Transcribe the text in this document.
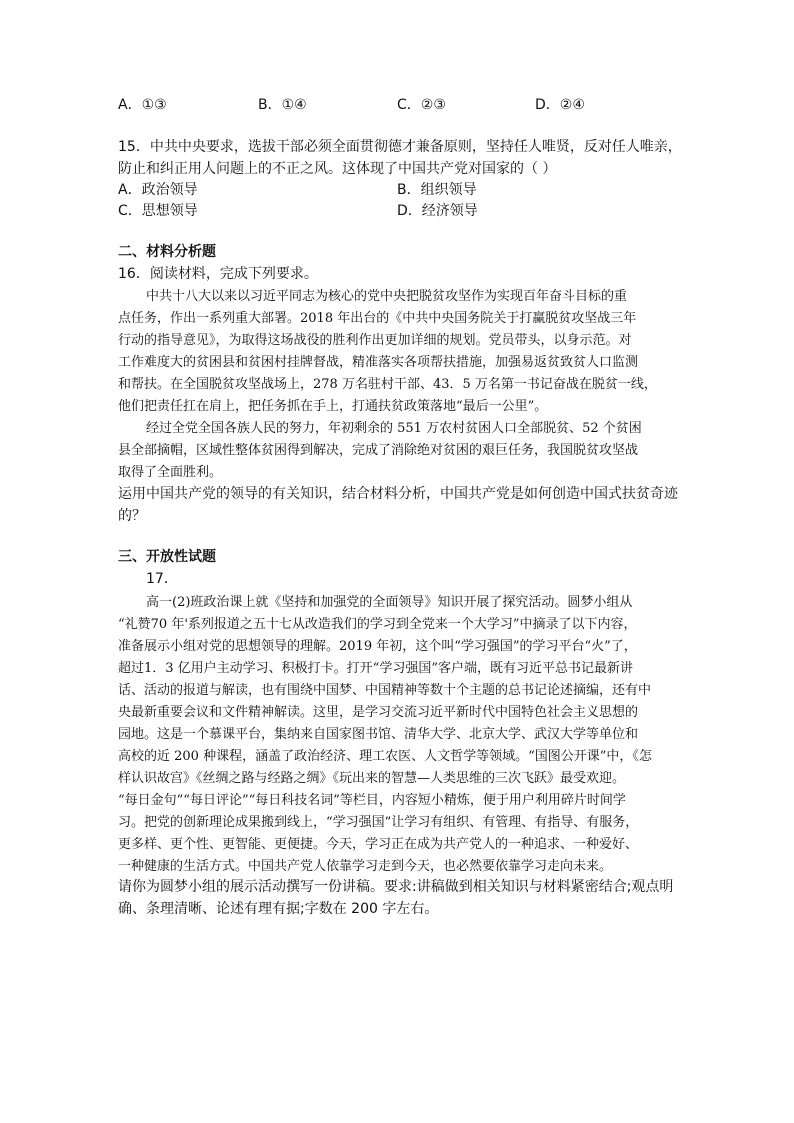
A．①③	B．①④	C．②③	D．②④
15．中共中央要求，选拔干部必须全面贯彻德才兼备原则，坚持任人唯贤，反对任人唯亲，
防止和纠正用人问题上的不正之风。这体现了中国共产党对国家的（ ）
A．政治领导	B．组织领导
C．思想领导	D．经济领导
二、材料分析题
16．阅读材料，完成下列要求。
中共十八大以来以习近平同志为核心的党中央把脱贫攻坚作为实现百年奋斗目标的重
点任务，作出一系列重大部署。2018 年出台的《中共中央国务院关于打赢脱贫攻坚战三年
行动的指导意见》，为取得这场战役的胜利作出更加详细的规划。党员带头，以身示范。对
工作难度大的贫困县和贫困村挂牌督战，精准落实各项帮扶措施，加强易返贫致贫人口监测
和帮扶。在全国脱贫攻坚战场上，278 万名驻村干部、43．5 万名第一书记奋战在脱贫一线，
他们把责任扛在肩上，把任务抓在手上，打通扶贫政策落地“最后一公里”。
经过全党全国各族人民的努力，年初剩余的 551 万农村贫困人口全部脱贫、52 个贫困
县全部摘帽，区域性整体贫困得到解决，完成了消除绝对贫困的艰巨任务，我国脱贫攻坚战
取得了全面胜利。
运用中国共产党的领导的有关知识，结合材料分析，中国共产党是如何创造中国式扶贫奇迹
的？
三、开放性试题
17．
高一(2)班政治课上就《坚持和加强党的全面领导》知识开展了探究活动。圆梦小组从
“礼赞70 年'系列报道之五十七从改造我们的学习到全党来一个大学习”中摘录了以下内容，
准备展示小组对党的思想领导的理解。2019 年初，这个叫“学习强国”的学习平台“火”了，
超过1．3 亿用户主动学习、积极打卡。打开“学习强国”客户端，既有习近平总书记最新讲
话、活动的报道与解读，也有围绕中国梦、中国精神等数十个主题的总书记论述摘编，还有中
央最新重要会议和文件精神解读。这里，是学习交流习近平新时代中国特色社会主义思想的
园地。这是一个慕课平台，集纳来自国家图书馆、清华大学、北京大学、武汉大学等单位和
高校的近 200 种课程，涵盖了政治经济、理工农医、人文哲学等领域。“国图公开课”中，《怎
样认识故宫》《丝绸之路与经路之绸》《玩出来的智慧—人类思维的三次飞跃》最受欢迎。
“每日金句”“每日评论”“每日科技名词”等栏目，内容短小精炼，便于用户利用碎片时间学
习。把党的创新理论成果搬到线上，“学习强国”让学习有组织、有管理、有指导、有服务，
更多样、更个性、更智能、更便捷。今天，学习正在成为共产党人的一种追求、一种爱好、
一种健康的生活方式。中国共产党人依靠学习走到今天，也必然要依靠学习走向未来。
请你为圆梦小组的展示活动撰写一份讲稿。要求:讲稿做到相关知识与材料紧密结合;观点明
确、条理清晰、论述有理有据;字数在 200 字左右。
